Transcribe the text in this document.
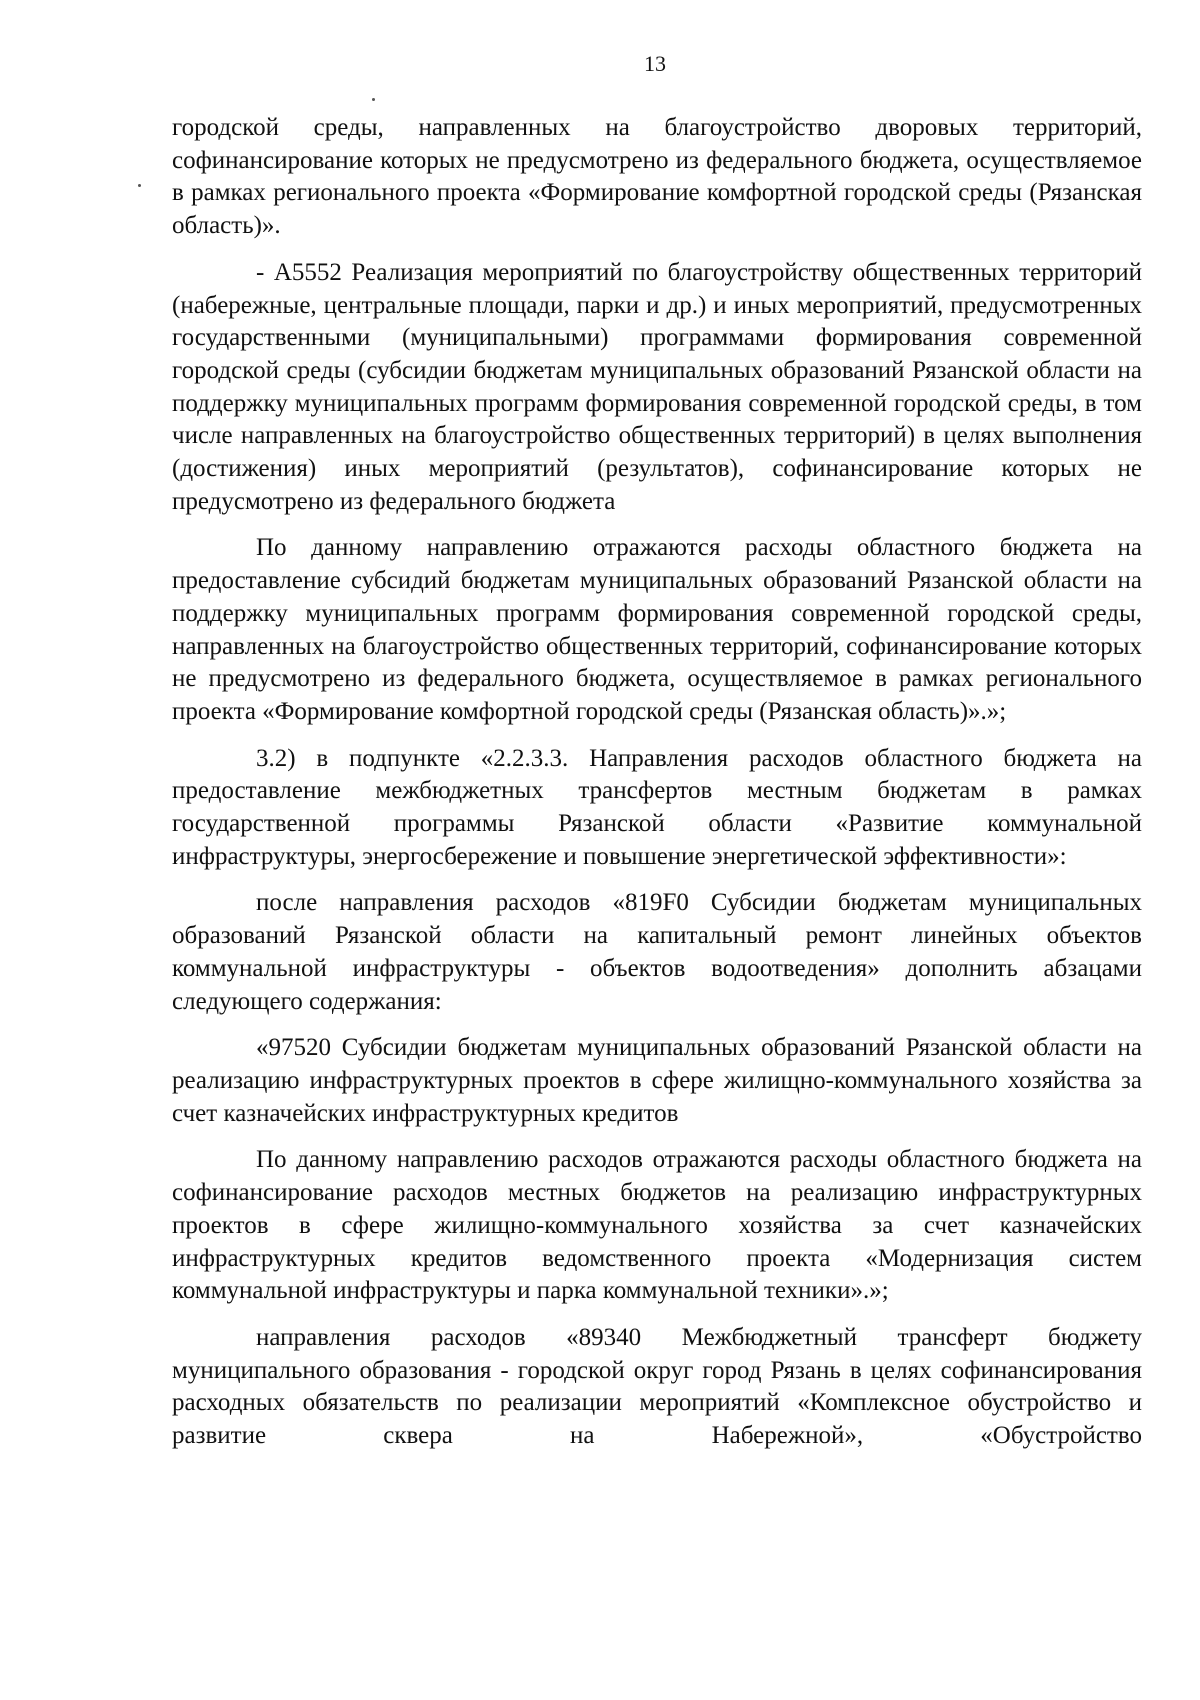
13

городской среды, направленных на благоустройство дворовых территорий, софинансирование которых не предусмотрено из федерального бюджета, осуществляемое в рамках регионального проекта «Формирование комфортной городской среды (Рязанская область)».

- А5552 Реализация мероприятий по благоустройству общественных территорий (набережные, центральные площади, парки и др.) и иных мероприятий, предусмотренных государственными (муниципальными) программами формирования современной городской среды (субсидии бюджетам муниципальных образований Рязанской области на поддержку муниципальных программ формирования современной городской среды, в том числе направленных на благоустройство общественных территорий) в целях выполнения (достижения) иных мероприятий (результатов), софинансирование которых не предусмотрено из федерального бюджета

По данному направлению отражаются расходы областного бюджета на предоставление субсидий бюджетам муниципальных образований Рязанской области на поддержку муниципальных программ формирования современной городской среды, направленных на благоустройство общественных территорий, софинансирование которых не предусмотрено из федерального бюджета, осуществляемое в рамках регионального проекта «Формирование комфортной городской среды (Рязанская область)».»;

3.2) в подпункте «2.2.3.3. Направления расходов областного бюджета на предоставление межбюджетных трансфертов местным бюджетам в рамках государственной программы Рязанской области «Развитие коммунальной инфраструктуры, энергосбережение и повышение энергетической эффективности»:

после направления расходов «819F0 Субсидии бюджетам муниципальных образований Рязанской области на капитальный ремонт линейных объектов коммунальной инфраструктуры - объектов водоотведения» дополнить абзацами следующего содержания:

«97520 Субсидии бюджетам муниципальных образований Рязанской области на реализацию инфраструктурных проектов в сфере жилищно-коммунального хозяйства за счет казначейских инфраструктурных кредитов

По данному направлению расходов отражаются расходы областного бюджета на софинансирование расходов местных бюджетов на реализацию инфраструктурных проектов в сфере жилищно-коммунального хозяйства за счет казначейских инфраструктурных кредитов ведомственного проекта «Модернизация систем коммунальной инфраструктуры и парка коммунальной техники».»;

направления расходов «89340 Межбюджетный трансферт бюджету муниципального образования - городской округ город Рязань в целях софинансирования расходных обязательств по реализации мероприятий «Комплексное обустройство и развитие сквера на Набережной», «Обустройство
